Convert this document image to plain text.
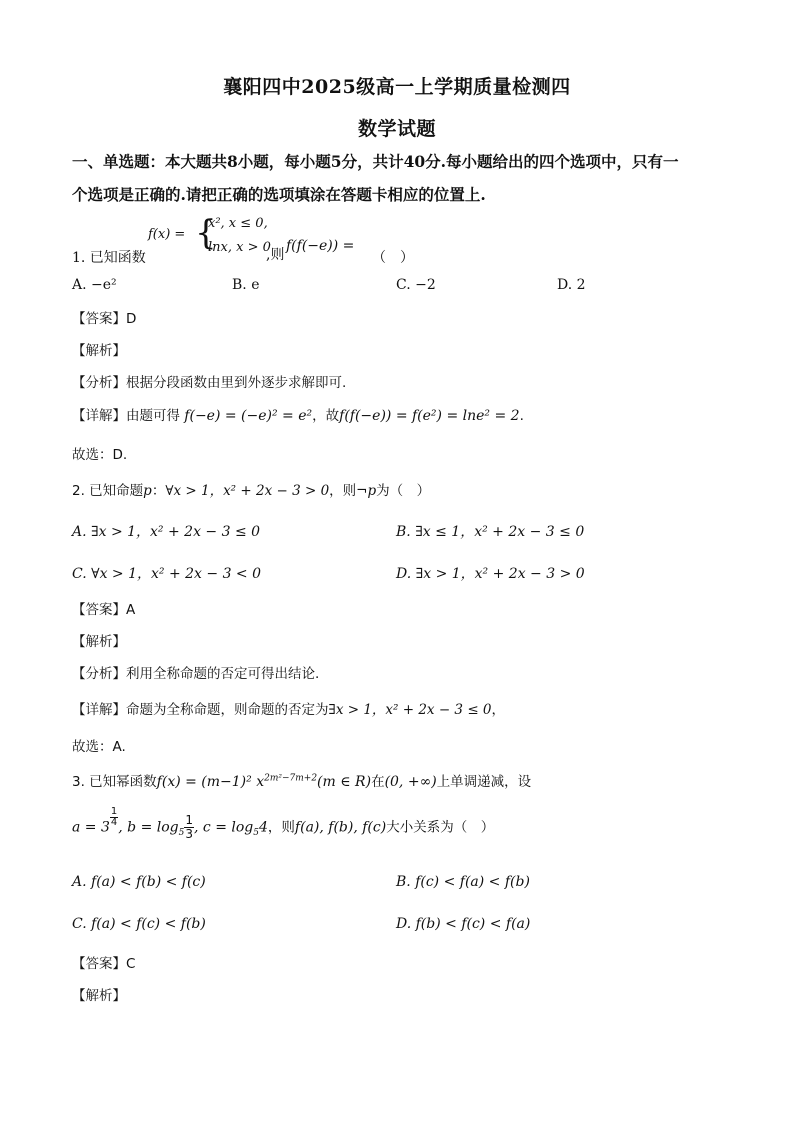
襄阳四中2025级高一上学期质量检测四
数学试题
一、单选题：本大题共8小题，每小题5分，共计40分.每小题给出的四个选项中，只有一
个选项是正确的.请把正确的选项填涂在答题卡相应的位置上.
1. 已知函数
f(x) = {
x², x ≤ 0,
lnx, x > 0
,则
f(f(−e)) =
（　）
A. −e²	B. e	C. −2	D. 2
【答案】D
【解析】
【分析】根据分段函数由里到外逐步求解即可.
【详解】由题可得 f(−e) = (−e)² = e²，故f(f(−e)) = f(e²) = lne² = 2.
故选：D.
2. 已知命题p：∀x > 1，x² + 2x − 3 > 0，则¬p为（　）
A. ∃x > 1，x² + 2x − 3 ≤ 0	B. ∃x ≤ 1，x² + 2x − 3 ≤ 0
C. ∀x > 1，x² + 2x − 3 < 0	D. ∃x > 1，x² + 2x − 3 > 0
【答案】A
【解析】
【分析】利用全称命题的否定可得出结论.
【详解】命题为全称命题，则命题的否定为∃x > 1，x² + 2x − 3 ≤ 0，
故选：A.
3. 已知幂函数f(x) = (m−1)² $x^{2m^2-7m+2}(m$ ∈ R)在(0, +∞)上单调递减，设
$a = 3 \frac{1}{4}$ , $b = \log_5 \frac{1}{3}$ , $c = \log_54$，则f(a), f(b), f(c)大小关系为（　）
A. f(a) < f(b) < f(c)	B. f(c) < f(a) < f(b)
C. f(a) < f(c) < f(b)	D. f(b) < f(c) < f(a)
【答案】C
【解析】
